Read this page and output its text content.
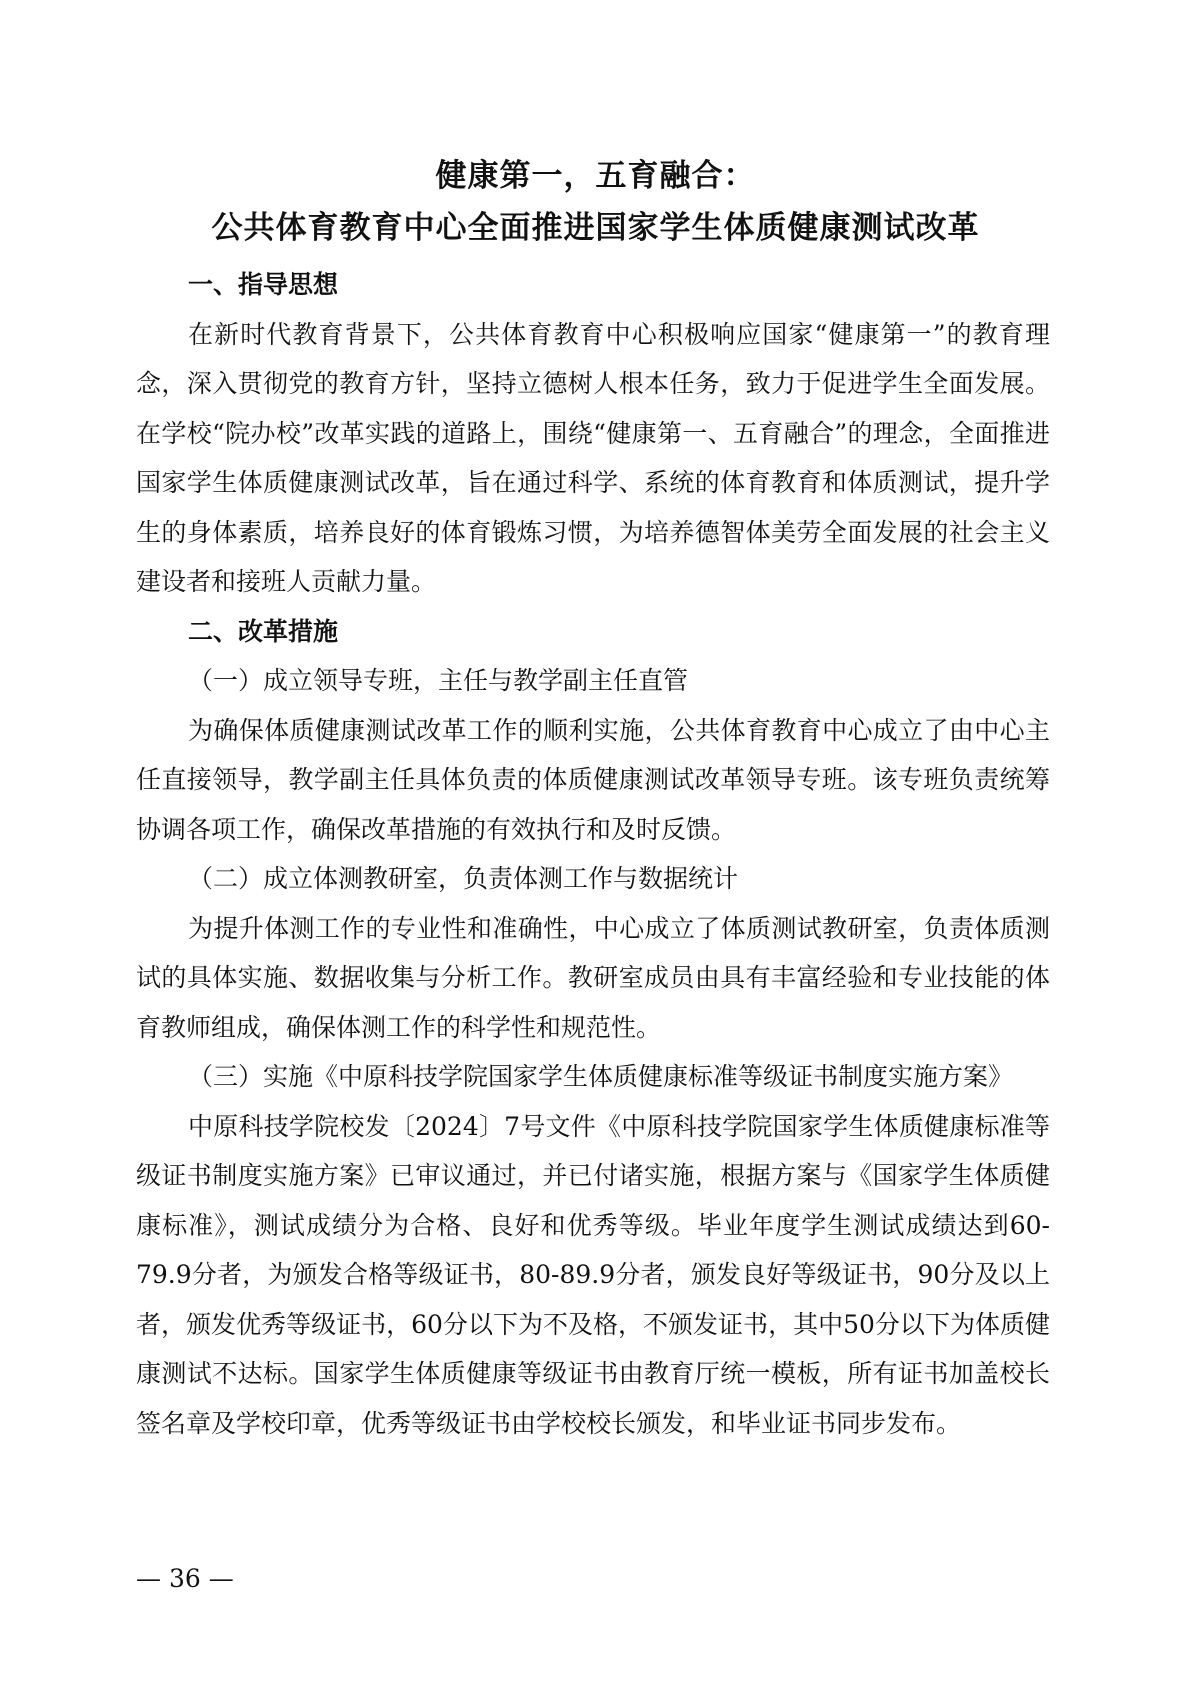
健康第一，五育融合：
公共体育教育中心全面推进国家学生体质健康测试改革

一、指导思想

在新时代教育背景下，公共体育教育中心积极响应国家“健康第一”的教育理念，深入贯彻党的教育方针，坚持立德树人根本任务，致力于促进学生全面发展。在学校“院办校”改革实践的道路上，围绕“健康第一、五育融合”的理念，全面推进国家学生体质健康测试改革，旨在通过科学、系统的体育教育和体质测试，提升学生的身体素质，培养良好的体育锻炼习惯，为培养德智体美劳全面发展的社会主义建设者和接班人贡献力量。

二、改革措施

（一）成立领导专班，主任与教学副主任直管

为确保体质健康测试改革工作的顺利实施，公共体育教育中心成立了由中心主任直接领导，教学副主任具体负责的体质健康测试改革领导专班。该专班负责统筹协调各项工作，确保改革措施的有效执行和及时反馈。

（二）成立体测教研室，负责体测工作与数据统计

为提升体测工作的专业性和准确性，中心成立了体质测试教研室，负责体质测试的具体实施、数据收集与分析工作。教研室成员由具有丰富经验和专业技能的体育教师组成，确保体测工作的科学性和规范性。

（三）实施《中原科技学院国家学生体质健康标准等级证书制度实施方案》

中原科技学院校发〔2024〕7号文件《中原科技学院国家学生体质健康标准等级证书制度实施方案》已审议通过，并已付诸实施，根据方案与《国家学生体质健康标准》，测试成绩分为合格、良好和优秀等级。毕业年度学生测试成绩达到60-79.9分者，为颁发合格等级证书，80-89.9分者，颁发良好等级证书，90分及以上者，颁发优秀等级证书，60分以下为不及格，不颁发证书，其中50分以下为体质健康测试不达标。国家学生体质健康等级证书由教育厅统一模板，所有证书加盖校长签名章及学校印章，优秀等级证书由学校校长颁发，和毕业证书同步发布。

— 36 —
